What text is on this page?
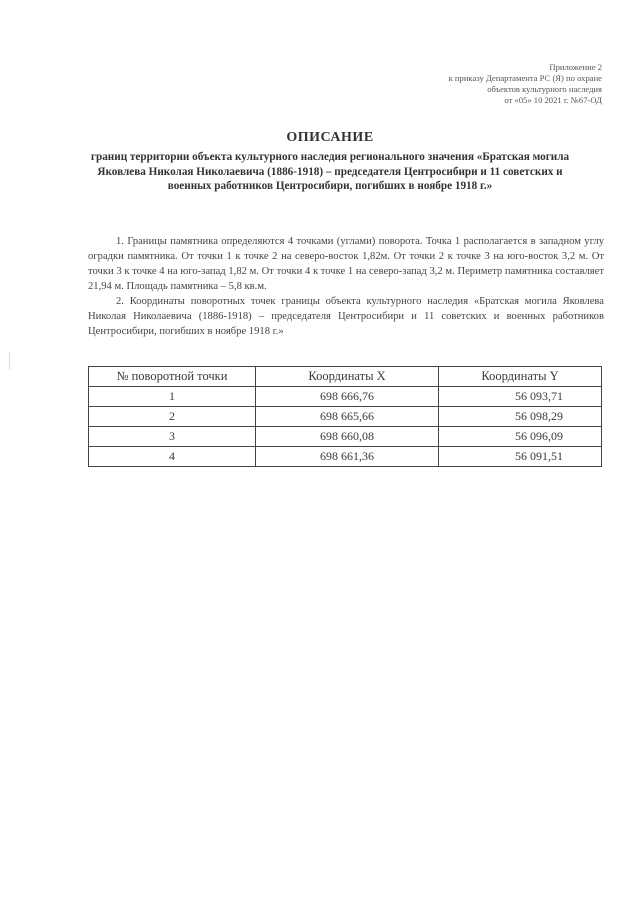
Приложение 2
к приказу Департамента РС (Я) по охране
объектов культурного наследия
от «05» 10 2021 г. №67-ОД
ОПИСАНИЕ
границ территории объекта культурного наследия регионального значения «Братская могила Яковлева Николая Николаевича (1886-1918) – председателя Центросибири и 11 советских и военных работников Центросибири, погибших в ноябре 1918 г.»

1. Границы памятника определяются 4 точками (углами) поворота. Точка 1 располагается в западном углу оградки памятника. От точки 1 к точке 2 на северо-восток 1,82м. От точки 2 к точке 3 на юго-восток 3,2 м. От точки 3 к точке 4 на юго-запад 1,82 м. От точки 4 к точке 1 на северо-запад 3,2 м. Периметр памятника составляет 21,94 м. Площадь памятника – 5,8 кв.м.

2. Координаты поворотных точек границы объекта культурного наследия «Братская могила Яковлева Николая Николаевича (1886-1918) – председателя Центросибири и 11 советских и военных работников Центросибири, погибших в ноябре 1918 г.»

№ поворотной точки	Координаты X	Координаты Y
1	698 666,76	56 093,71
2	698 665,66	56 098,29
3	698 660,08	56 096,09
4	698 661,36	56 091,51
